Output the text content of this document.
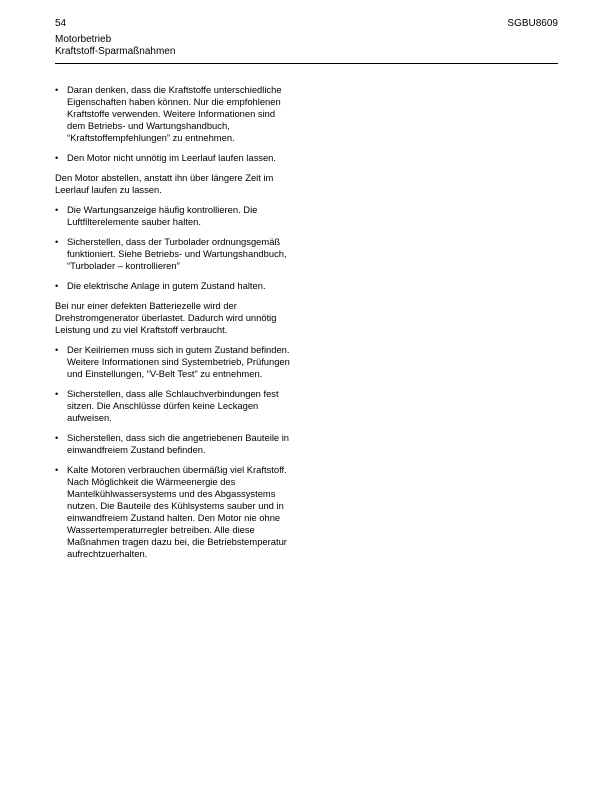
54	SGBU8609
Motorbetrieb
Kraftstoff-Sparmaßnahmen
• Daran denken, dass die Kraftstoffe unterschiedliche Eigenschaften haben können. Nur die empfohlenen Kraftstoffe verwenden. Weitere Informationen sind dem Betriebs- und Wartungshandbuch, “Kraftstoffempfehlungen” zu entnehmen.
• Den Motor nicht unnötig im Leerlauf laufen lassen.
Den Motor abstellen, anstatt ihn über längere Zeit im Leerlauf laufen zu lassen.
• Die Wartungsanzeige häufig kontrollieren. Die Luftfilterelemente sauber halten.
• Sicherstellen, dass der Turbolader ordnungsgemäß funktioniert. Siehe Betriebs- und Wartungshandbuch, “Turbolader – kontrollieren”
• Die elektrische Anlage in gutem Zustand halten.
Bei nur einer defekten Batteriezelle wird der Drehstromgenerator überlastet. Dadurch wird unnötig Leistung und zu viel Kraftstoff verbraucht.
• Der Keilriemen muss sich in gutem Zustand befinden. Weitere Informationen sind Systembetrieb, Prüfungen und Einstellungen, “V-Belt Test” zu entnehmen.
• Sicherstellen, dass alle Schlauchverbindungen fest sitzen. Die Anschlüsse dürfen keine Leckagen aufweisen.
• Sicherstellen, dass sich die angetriebenen Bauteile in einwandfreiem Zustand befinden.
• Kalte Motoren verbrauchen übermäßig viel Kraftstoff. Nach Möglichkeit die Wärmeenergie des Mantelkühlwassersystems und des Abgassystems nutzen. Die Bauteile des Kühlsystems sauber und in einwandfreiem Zustand halten. Den Motor nie ohne Wassertemperaturregler betreiben. Alle diese Maßnahmen tragen dazu bei, die Betriebstemperatur aufrechtzuerhalten.
